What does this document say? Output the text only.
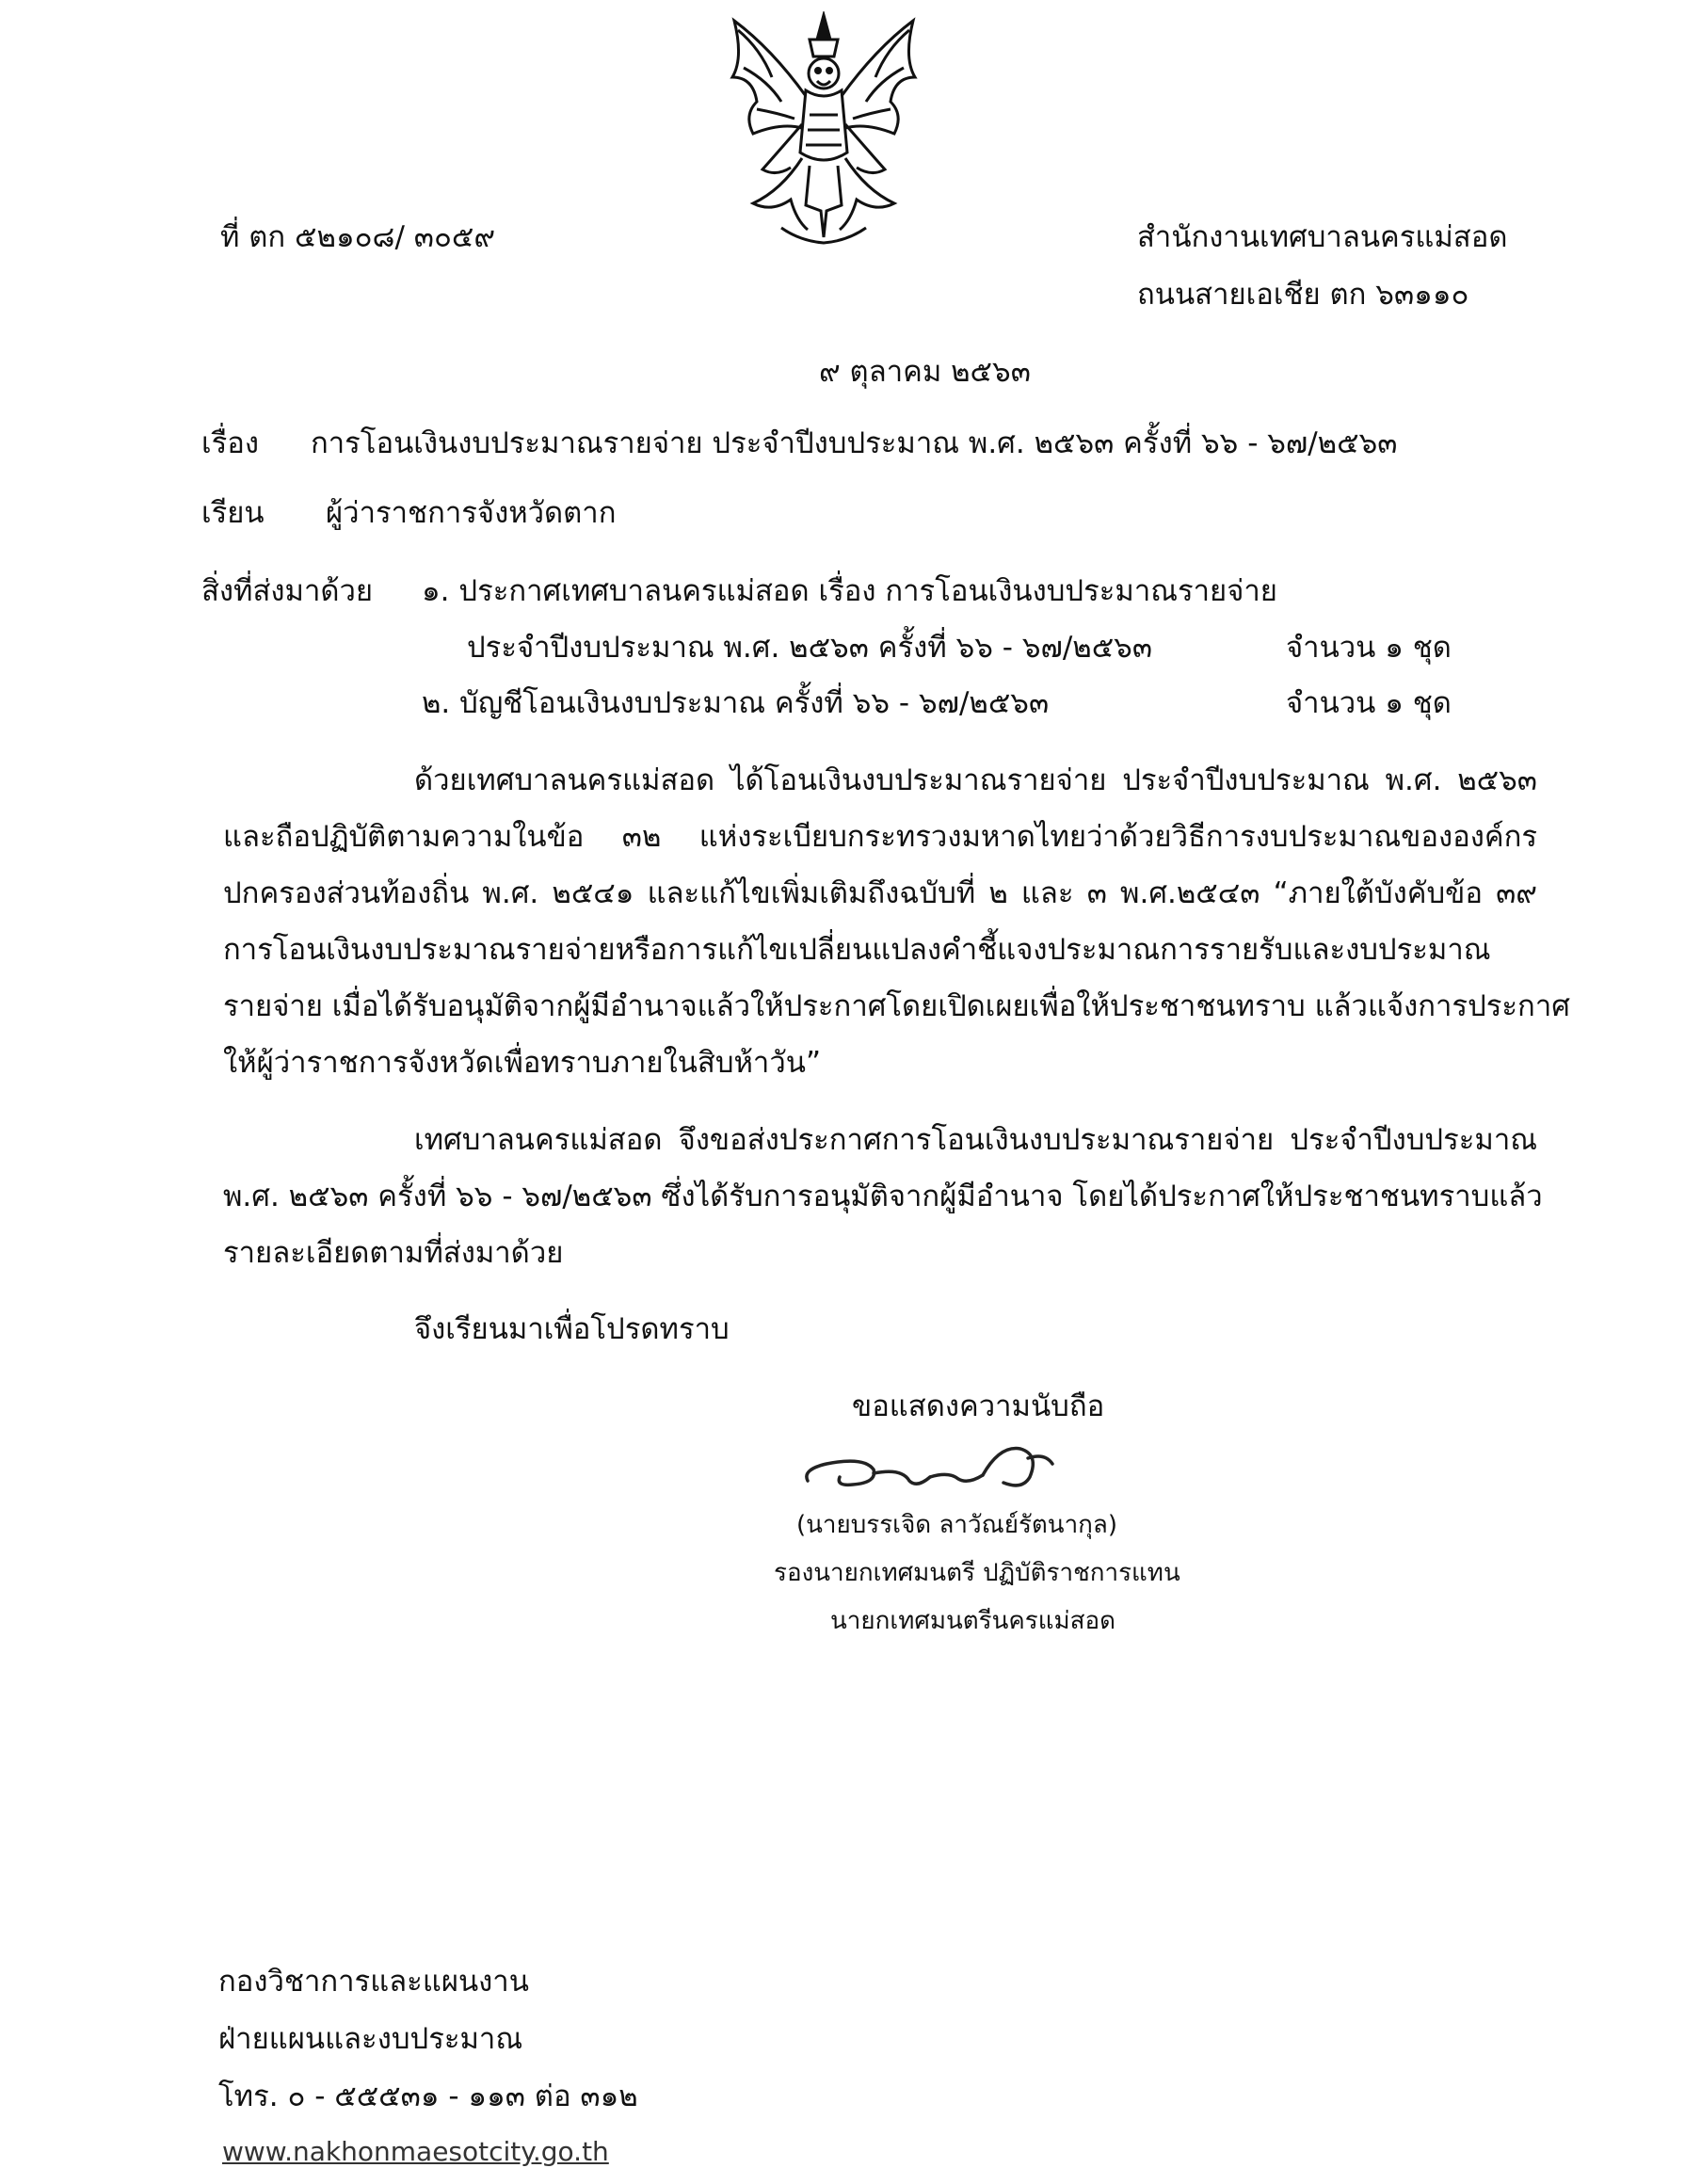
ที่ ตก ๕๒๑๐๘/ ๓๐๕๙	สำนักงานเทศบาลนครแม่สอด
ถนนสายเอเชีย ตก ๖๓๑๑๐
๙ ตุลาคม ๒๕๖๓
เรื่อง การโอนเงินงบประมาณรายจ่าย ประจำปีงบประมาณ พ.ศ. ๒๕๖๓ ครั้งที่ ๖๖ - ๖๗/๒๕๖๓
เรียน ผู้ว่าราชการจังหวัดตาก
สิ่งที่ส่งมาด้วย ๑. ประกาศเทศบาลนครแม่สอด เรื่อง การโอนเงินงบประมาณรายจ่าย
ประจำปีงบประมาณ พ.ศ. ๒๕๖๓ ครั้งที่ ๖๖ - ๖๗/๒๕๖๓	จำนวน ๑ ชุด
๒. บัญชีโอนเงินงบประมาณ ครั้งที่ ๖๖ - ๖๗/๒๕๖๓	จำนวน ๑ ชุด
ด้วยเทศบาลนครแม่สอด ได้โอนเงินงบประมาณรายจ่าย ประจำปีงบประมาณ พ.ศ. ๒๕๖๓
และถือปฏิบัติตามความในข้อ ๓๒ แห่งระเบียบกระทรวงมหาดไทยว่าด้วยวิธีการงบประมาณขององค์กร
ปกครองส่วนท้องถิ่น พ.ศ. ๒๕๔๑ และแก้ไขเพิ่มเติมถึงฉบับที่ ๒ และ ๓ พ.ศ.๒๕๔๓ “ภายใต้บังคับข้อ ๓๙
การโอนเงินงบประมาณรายจ่ายหรือการแก้ไขเปลี่ยนแปลงคำชี้แจงประมาณการรายรับและงบประมาณ
รายจ่าย เมื่อได้รับอนุมัติจากผู้มีอำนาจแล้วให้ประกาศโดยเปิดเผยเพื่อให้ประชาชนทราบ แล้วแจ้งการประกาศ
ให้ผู้ว่าราชการจังหวัดเพื่อทราบภายในสิบห้าวัน”
เทศบาลนครแม่สอด จึงขอส่งประกาศการโอนเงินงบประมาณรายจ่าย ประจำปีงบประมาณ
พ.ศ. ๒๕๖๓ ครั้งที่ ๖๖ - ๖๗/๒๕๖๓ ซึ่งได้รับการอนุมัติจากผู้มีอำนาจ โดยได้ประกาศให้ประชาชนทราบแล้ว
รายละเอียดตามที่ส่งมาด้วย
จึงเรียนมาเพื่อโปรดทราบ
ขอแสดงความนับถือ
(นายบรรเจิด ลาวัณย์รัตนากุล)
รองนายกเทศมนตรี ปฏิบัติราชการแทน
นายกเทศมนตรีนครแม่สอด
กองวิชาการและแผนงาน
ฝ่ายแผนและงบประมาณ
โทร. ๐ - ๕๕๕๓๑ - ๑๑๓ ต่อ ๓๑๒
www.nakhonmaesotcity.go.th
